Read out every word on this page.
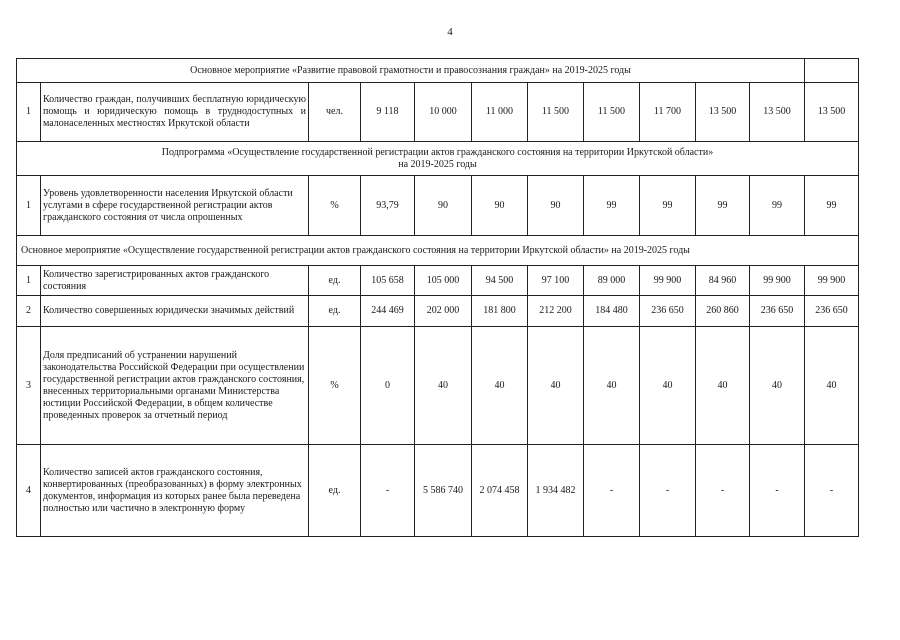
4
Основное мероприятие «Развитие правовой грамотности и правосознания граждан» на 2019-2025 годы											
1	Количество граждан, получивших бесплатную юридическую помощь и юридическую помощь в труднодоступных и малонаселенных местностях Иркутской области	чел.	9 118	10 000	11 000	11 500	11 500	11 700	13 500	13 500	13 500
Подпрограмма «Осуществление государственной регистрации актов гражданского состояния на территории Иркутской области»
на 2019-2025 годы											
1	Уровень удовлетворенности населения Иркутской области услугами в сфере государственной регистрации актов гражданского состояния от числа опрошенных	%	93,79	90	90	90	99	99	99	99	99
Основное мероприятие «Осуществление государственной регистрации актов гражданского состояния на территории Иркутской области» на 2019-2025 годы											
1	Количество зарегистрированных актов гражданского состояния	ед.	105 658	105 000	94 500	97 100	89 000	99 900	84 960	99 900	99 900
2	Количество совершенных юридически значимых действий	ед.	244 469	202 000	181 800	212 200	184 480	236 650	260 860	236 650	236 650
3	Доля предписаний об устранении нарушений законодательства Российской Федерации при осуществлении государственной регистрации актов гражданского состояния, внесенных территориальными органами Министерства юстиции Российской Федерации, в общем количестве проведенных проверок за отчетный период	%	0	40	40	40	40	40	40	40	40
4	Количество записей актов гражданского состояния, конвертированных (преобразованных) в форму электронных документов, информация из которых ранее была переведена полностью или частично в электронную форму	ед.	-	5 586 740	2 074 458	1 934 482	-	-	-	-	-
